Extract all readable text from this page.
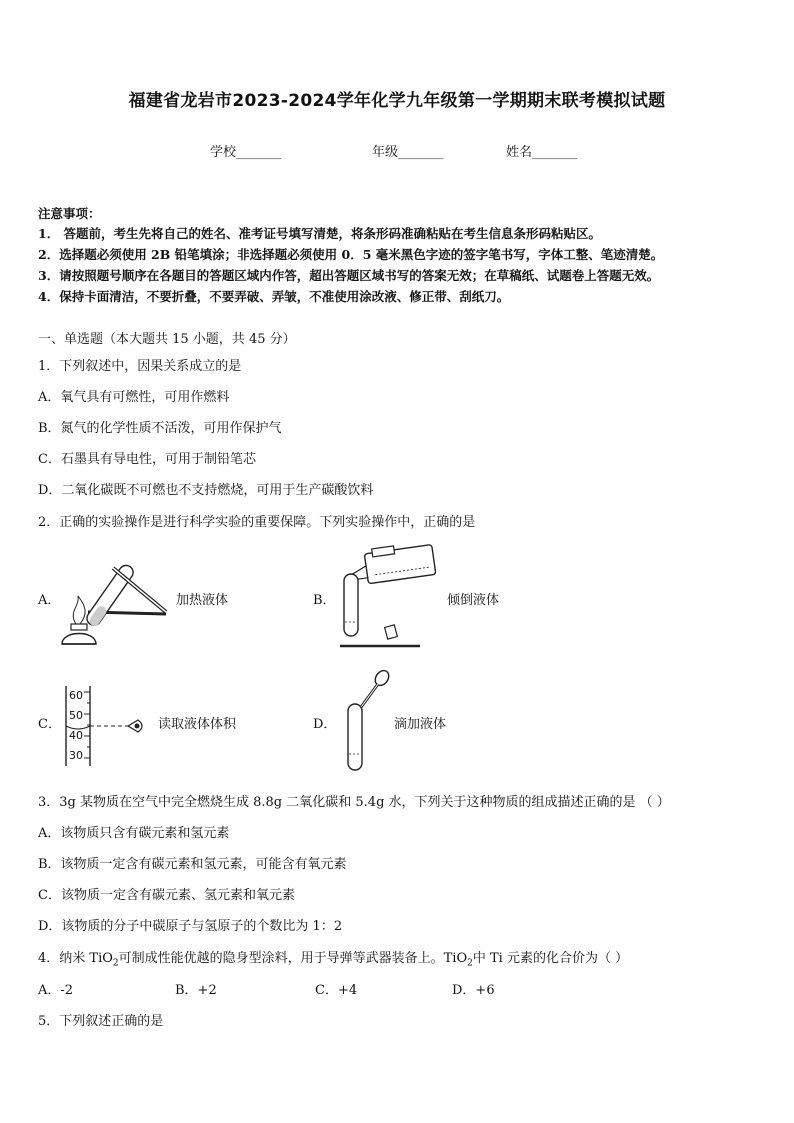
福建省龙岩市2023-2024学年化学九年级第一学期期末联考模拟试题
学校_______	年级_______	姓名_______
注意事项：
1． 答题前，考生先将自己的姓名、准考证号填写清楚，将条形码准确粘贴在考生信息条形码粘贴区。
2．选择题必须使用 2B 铅笔填涂；非选择题必须使用 0．5 毫米黑色字迹的签字笔书写，字体工整、笔迹清楚。
3．请按照题号顺序在各题目的答题区域内作答，超出答题区域书写的答案无效；在草稿纸、试题卷上答题无效。
4．保持卡面清洁，不要折叠，不要弄破、弄皱，不准使用涂改液、修正带、刮纸刀。
一、单选题（本大题共 15 小题，共 45 分）
1．下列叙述中，因果关系成立的是
A．氧气具有可燃性，可用作燃料
B．氮气的化学性质不活泼，可用作保护气
C．石墨具有导电性，可用于制铅笔芯
D．二氧化碳既不可燃也不支持燃烧，可用于生产碳酸饮料
2．正确的实验操作是进行科学实验的重要保障。下列实验操作中，正确的是
A．	加热液体	B．	倾倒液体
C．
60
50
40
30
读取液体体积	D．	滴加液体
3．3g 某物质在空气中完全燃烧生成 8.8g 二氧化碳和 5.4g 水，下列关于这种物质的组成描述正确的是 （ ）
A．该物质只含有碳元素和氢元素
B．该物质一定含有碳元素和氢元素，可能含有氧元素
C．该物质一定含有碳元素、氢元素和氧元素
D．该物质的分子中碳原子与氢原子的个数比为 1：2
4．纳米 TiO$_2$可制成性能优越的隐身型涂料，用于导弹等武器装备上。TiO$_2$中 Ti 元素的化合价为（ ）
A．-2	B．+2	C．+4	D．+6
5．下列叙述正确的是
